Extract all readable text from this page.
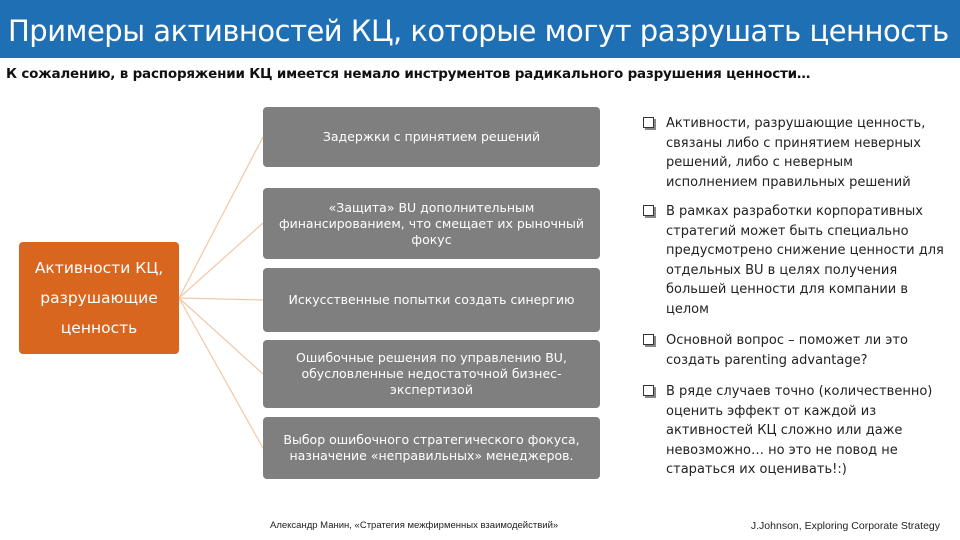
Примеры активностей КЦ, которые могут разрушать ценность
К сожалению, в распоряжении КЦ имеется немало инструментов радикального разрушения ценности…
Активности КЦ, разрушающие ценность
Задержки с принятием решений
«Защита» BU дополнительным финансированием, что смещает их рыночный фокус
Искусственные попытки создать синергию
Ошибочные решения по управлению BU, обусловленные недостаточной бизнес-экспертизой
Выбор ошибочного стратегического фокуса, назначение «неправильных» менеджеров.
Активности, разрушающие ценность, связаны либо с принятием неверных решений, либо с неверным исполнением правильных решений
В рамках разработки корпоративных стратегий может быть специально предусмотрено снижение ценности для отдельных BU в целях получения большей ценности для компании в целом
Основной вопрос – поможет ли это создать parenting advantage?
В ряде случаев точно (количественно) оценить эффект от каждой из активностей КЦ сложно или даже невозможно… но это не повод не стараться их оценивать!:)
Александр Манин, «Стратегия межфирменных взаимодействий»	J.Johnson, Exploring Corporate Strategy
